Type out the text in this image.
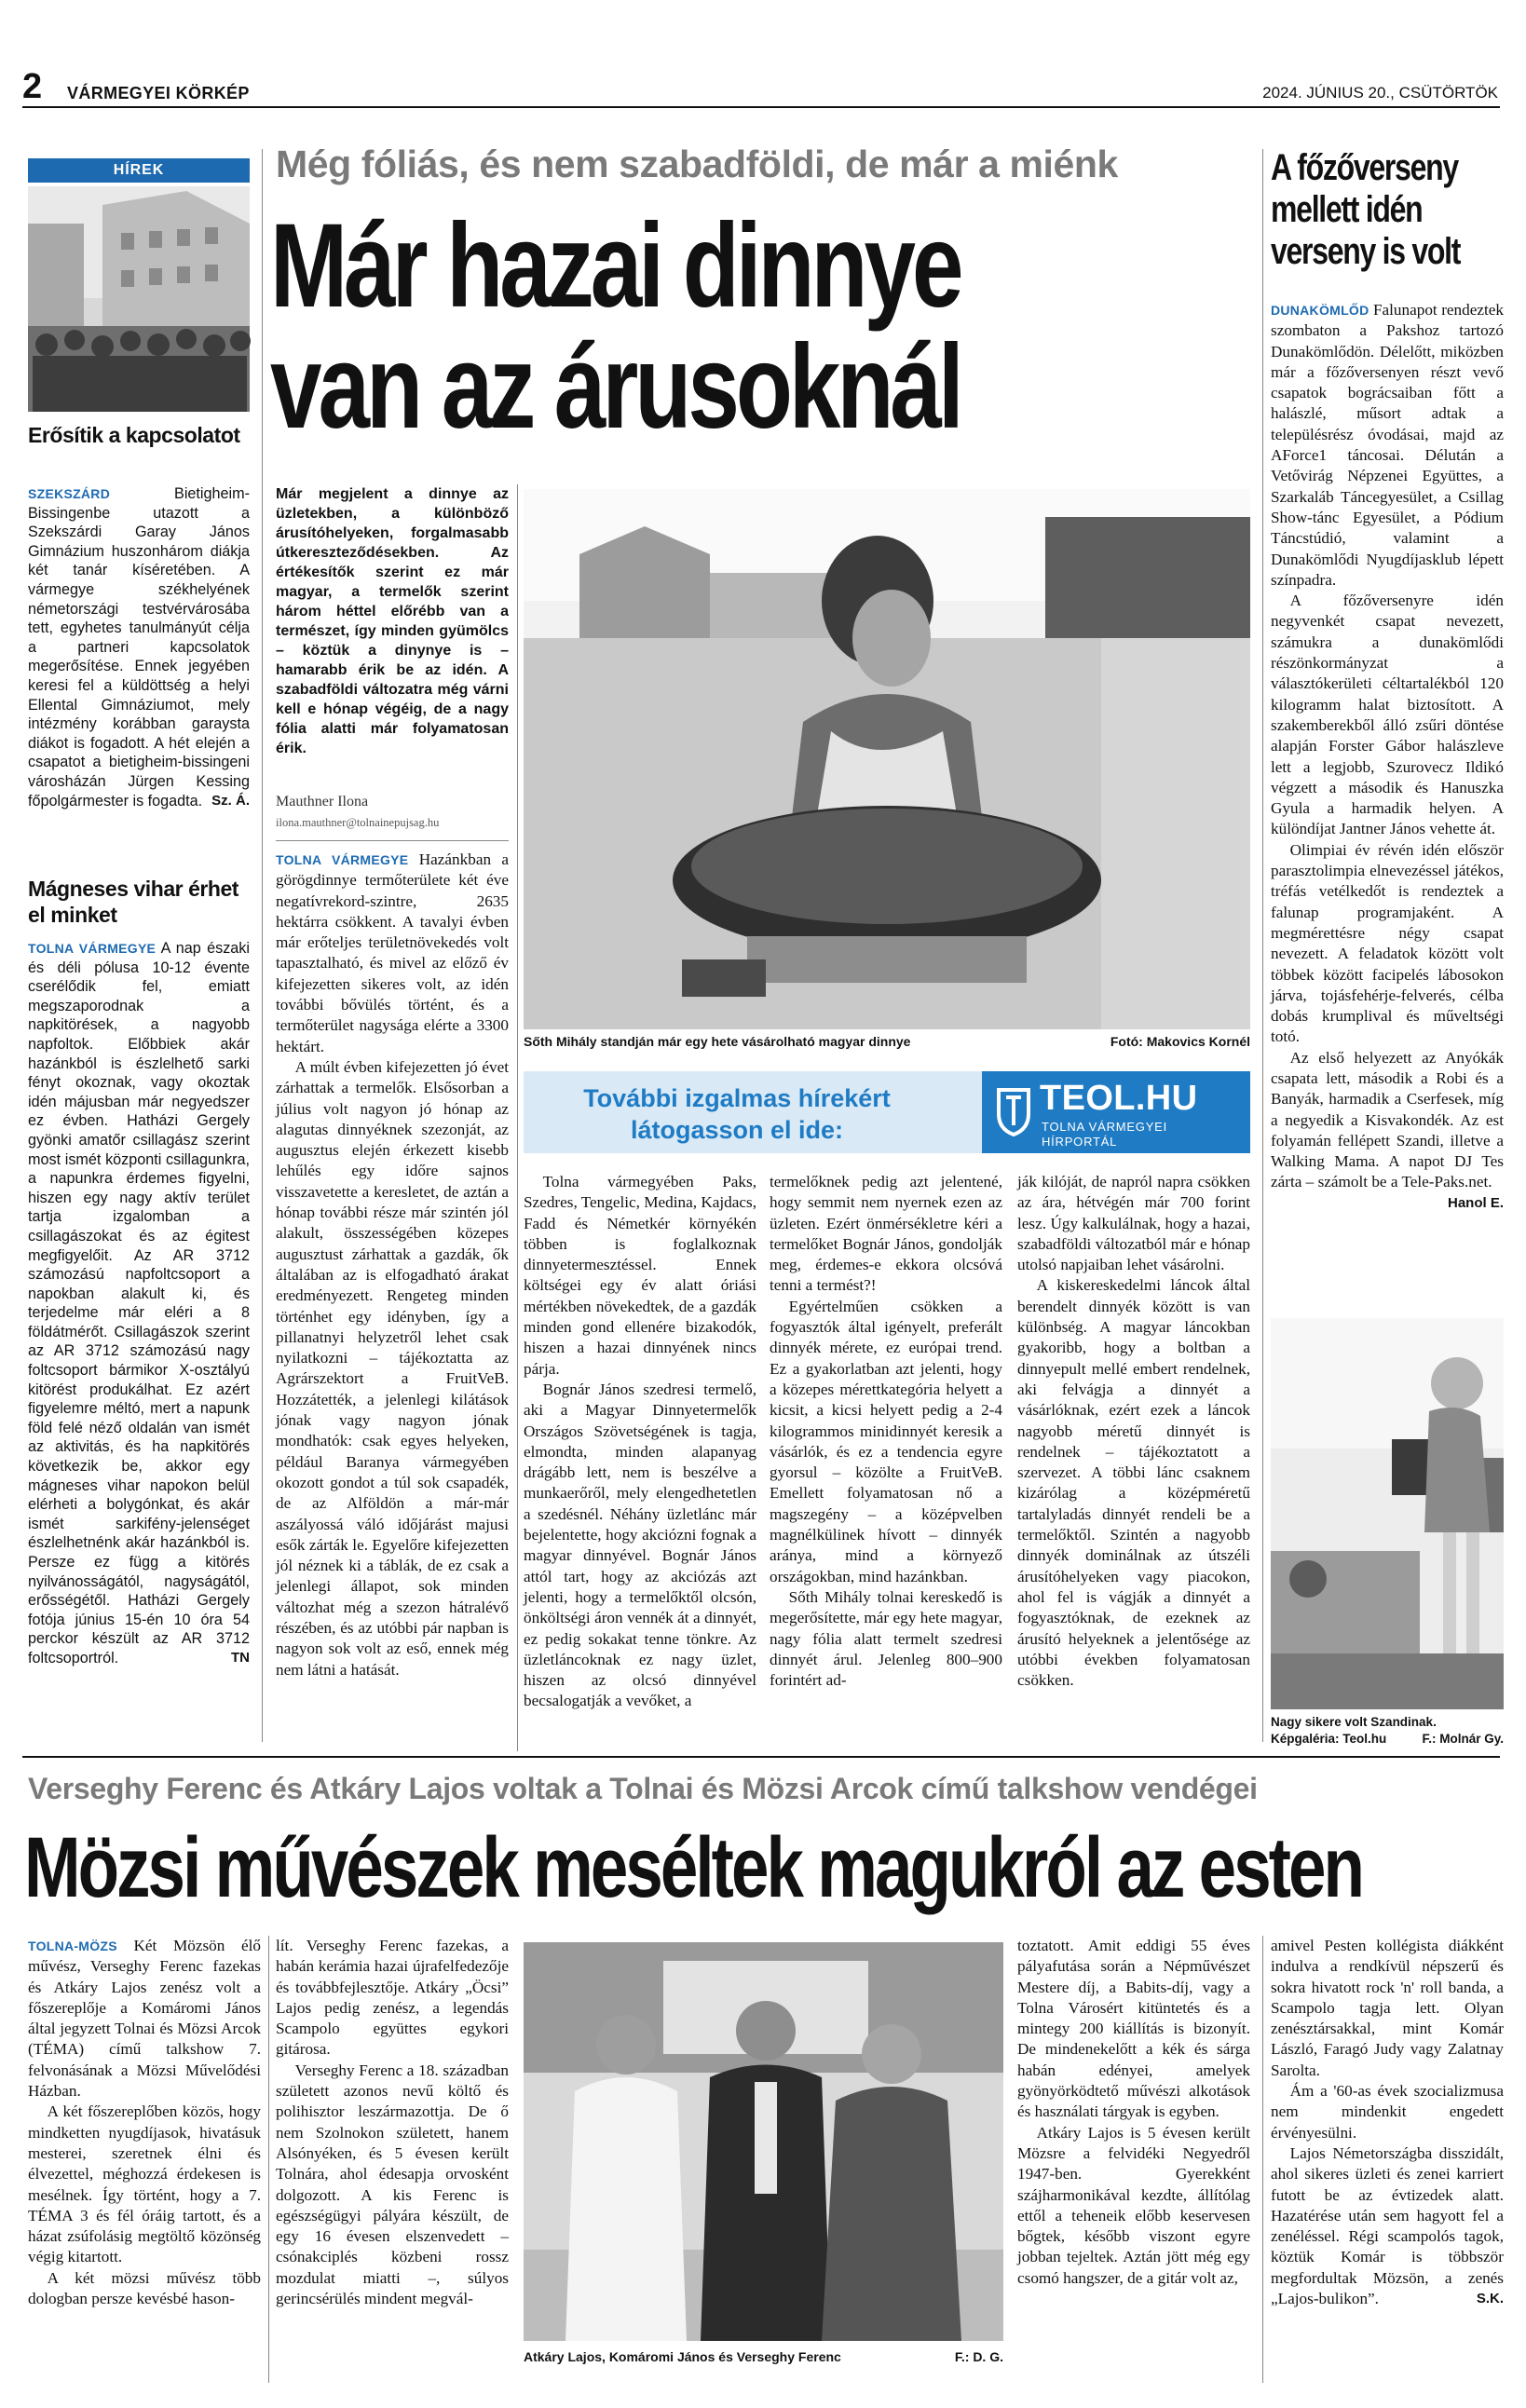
2 VÁRMEGYEI KÖRKÉP	2024. JÚNIUS 20., CSÜTÖRTÖK
HÍREK
Erősítik a kapcsolatot

SZEKSZÁRD	Bietigheim-Bissingenbe utazott a Szekszárdi Garay János Gimnázium huszonhárom diákja két tanár kíséretében. A vármegye székhelyének németországi testvérvárosába tett, egyhetes tanulmányút célja a partneri kapcsolatok megerősítése. Ennek jegyében keresi fel a küldöttség a helyi Ellental Gimnáziumot, mely intézmény korábban garaysta diákot is fogadott. A hét elején a csapatot a bietigheim-bissingeni városházán Jürgen Kessing főpolgármester is fogadta. Sz. Á.

Mágneses vihar érhet el minket

TOLNA VÁRMEGYE A nap északi és déli pólusa 10-12 évente cserélődik fel, emiatt megszaporodnak a napkitörések, a nagyobb napfoltok. Előbbiek akár hazánkból is észlelhető sarki fényt okoznak, vagy okoztak idén májusban már negyedszer ez évben. Hatházi Gergely gyönki amatőr csillagász szerint most ismét központi csillagunkra, a napunkra érdemes figyelni, hiszen egy nagy aktív terület tartja izgalomban a csillagászokat és az égitest megfigyelőit. Az AR 3712 számozású napfoltcsoport a napokban alakult ki, és terjedelme már eléri a 8 földátmérőt. Csillagászok szerint az AR 3712 számozású nagy foltcsoport bármikor X-osztályú kitörést produkálhat. Ez azért figyelemre méltó, mert a napunk föld felé néző oldalán van ismét az aktivitás, és ha napkitörés következik be, akkor egy mágneses vihar napokon belül elérheti a bolygónkat, és akár ismét sarkifény-jelenséget észlelhetnénk akár hazánkból is. Persze ez függ a kitörés nyilvánosságától, nagyságától, erősségétől. Hatházi Gergely fotója június 15-én 10 óra 54 perckor készült az AR 3712 foltcsoportról.	TN

Még fóliás, és nem szabadföldi, de már a miénk
Már hazai dinnye
van az árusoknál
Már megjelent a dinnye az üzletekben, a különböző árusítóhelyeken, forgalmasabb útkereszteződésekben. Az értékesítők szerint ez már magyar, a termelők szerint három héttel előrébb van a természet, így minden gyümölcs – köztük a dinynye is – hamarabb érik be az idén. A szabadföldi változatra még várni kell e hónap végéig, de a nagy fólia alatti már folyamatosan érik.
Mauthner Ilona
ilona.mauthner@tolnainepujsag.hu

TOLNA VÁRMEGYE Hazánkban a görögdinnye termőterülete két éve negatívrekord-szintre, 2635 hektárra csökkent. A tavalyi évben már erőteljes területnövekedés volt tapasztalható, és mivel az előző év kifejezetten sikeres volt, az idén további bővülés történt, és a termőterület nagysága elérte a 3300 hektárt.

A múlt évben kifejezetten jó évet zárhattak a termelők. Elsősorban a július volt nagyon jó hónap az alagutas dinnyéknek szezonját, az augusztus elején érkezett kisebb lehűlés egy időre sajnos visszavetette a keresletet, de aztán a hónap további része már szintén jól alakult, összességében közepes augusztust zárhattak a gazdák, ők általában az is elfogadható árakat eredményezett. Rengeteg minden történhet egy idényben, így a pillanatnyi helyzetről lehet csak nyilatkozni – tájékoztatta az Agrárszektort a FruitVeB. Hozzátették, a jelenlegi kilátások jónak vagy nagyon jónak mondhatók: csak egyes helyeken, például Baranya vármegyében okozott gondot a túl sok csapadék, de az Alföldön a már-már aszályossá váló időjárást majusi esők zárták le. Egyelőre kifejezetten jól néznek ki a táblák, de ez csak a jelenlegi állapot, sok minden változhat még a szezon hátralévő részében, és az utóbbi pár napban is nagyon sok volt az eső, ennek még nem látni a hatását.

Sőth Mihály standján már egy hete vásárolható magyar dinnye	Fotó: Makovics Kornél
További izgalmas hírekért
látogasson el ide:
TEOL.HU
TOLNA VÁRMEGYEI
HÍRPORTÁL

Tolna vármegyében Paks, Szedres, Tengelic, Medina, Kajdacs, Fadd és Németkér környékén többen is foglalkoznak dinnyetermesztéssel. Ennek költségei egy év alatt óriási mértékben növekedtek, de a gazdák minden gond ellenére bizakodók, hiszen a hazai dinnyének nincs párja.

Bognár János szedresi termelő, aki a Magyar Dinnyetermelők Országos Szövetségének is tagja, elmondta, minden alapanyag drágább lett, nem is beszélve a munkaerőről, mely elengedhetetlen a szedésnél. Néhány üzletlánc már bejelentette, hogy akciózni fognak a magyar dinnyével. Bognár János attól tart, hogy az akciózás azt jelenti, hogy a termelőktől olcsón, önköltségi áron vennék át a dinnyét, ez pedig sokakat tenne tönkre. Az üzletláncoknak ez nagy üzlet, hiszen az olcsó dinnyével becsalogatják a vevőket, a

termelőknek pedig azt jelentené, hogy semmit nem nyernek ezen az üzleten. Ezért önmérsékletre kéri a termelőket Bognár János, gondolják meg, érdemes-e ekkora olcsóvá tenni a termést?!

Egyértelműen csökken a fogyasztók által igényelt, preferált dinnyék mérete, ez európai trend. Ez a gyakorlatban azt jelenti, hogy a közepes mérettkategória helyett a kicsit, a kicsi helyett pedig a 2-4 kilogrammos minidinnyét keresik a vásárlók, és ez a tendencia egyre gyorsul – közölte a FruitVeB. Emellett folyamatosan nő a magszegény – a középvelben magnélkülinek hívott – dinnyék aránya, mind a környező országokban, mind hazánkban.

Sőth Mihály tolnai kereskedő is megerősítette, már egy hete magyar, nagy fólia alatt termelt szedresi dinnyét árul. Jelenleg 800–900 forintért ad-

ják kilóját, de napról napra csökken az ára, hétvégén már 700 forint lesz. Úgy kalkulálnak, hogy a hazai, szabadföldi változatból már e hónap utolsó napjaiban lehet vásárolni.

A kiskereskedelmi láncok által berendelt dinnyék között is van különbség. A magyar láncokban gyakoribb, hogy a boltban a dinnyepult mellé embert rendelnek, aki felvágja a dinnyét a vásárlóknak, ezért ezek a láncok nagyobb méretű dinnyét is rendelnek – tájékoztatott a szervezet. A többi lánc csaknem kizárólag a középméretű tartalyladás dinnyét rendeli be a termelőktől. Szintén a nagyobb dinnyék dominálnak az útszéli árusítóhelyeken vagy piacokon, ahol fel is vágják a dinnyét a fogyasztóknak, de ezeknek az árusító helyeknek a jelentősége az utóbbi években folyamatosan csökken.

A főzőverseny mellett idén verseny is volt

DUNAKÖMLŐD Falunapot rendeztek szombaton a Pakshoz tartozó Dunakömlődön. Délelőtt, miközben már a főzőversenyen részt vevő csapatok bográcsaiban főtt a halászlé, műsort adtak a településrész óvodásai, majd az AForce1 táncosai. Délután a Vetővirág Népzenei Együttes, a Szarkaláb Táncegyesület, a Csillag Show-tánc Egyesület, a Pódium Táncstúdió, valamint a Dunakömlődi Nyugdíjasklub lépett színpadra.

A főzőversenyre idén negyvenkét csapat nevezett, számukra a dunakömlődi részönkormányzat a választókerületi céltartalékból 120 kilogramm halat biztosított. A szakemberekből álló zsűri döntése alapján Forster Gábor halászleve lett a legjobb, Szurovecz Ildikó végzett a második és Hanuszka Gyula a harmadik helyen. A különdíjat Jantner János vehette át.

Olimpiai év révén idén először parasztolimpia elnevezéssel játékos, tréfás vetélkedőt is rendeztek a falunap programjaként. A megmérettésre négy csapat nevezett. A feladatok között volt többek között facipelés lábosokon járva, tojásfehérje-felverés, célba dobás krumplival és műveltségi totó.

Az első helyezett az Anyókák csapata lett, második a Robi és a Banyák, harmadik a Cserfesek, míg a negyedik a Kisvakondék. Az est folyamán fellépett Szandi, illetve a Walking Mama. A napot DJ Tes zárta – számolt be a Tele-Paks.net.

Hanol E.

Nagy sikere volt Szandinak. Képgaléria: Teol.hu	F.: Molnár Gy.
Verseghy Ferenc és Atkáry Lajos voltak a Tolnai és Mözsi Arcok című talkshow vendégei
Mözsi művészek meséltek magukról az esten

TOLNA-MÖZS Két Mözsön élő művész, Verseghy Ferenc fazekas és Atkáry Lajos zenész volt a főszereplője a Komáromi János által jegyzett Tolnai és Mözsi Arcok (TÉMA) című talkshow 7. felvonásának a Mözsi Művelődési Házban.

A két főszereplőben közös, hogy mindketten nyugdíjasok, hivatásuk mesterei, szeretnek élni és élvezettel, méghozzá érdekesen is mesélnek. Így történt, hogy a 7. TÉMA 3 és fél óráig tartott, és a házat zsúfolásig megtöltő közönség végig kitartott.

A két mözsi művész több dologban persze kevésbé hason-

lít. Verseghy Ferenc fazekas, a habán kerámia hazai újrafelfedezője és továbbfejlesztője. Atkáry „Öcsi” Lajos pedig zenész, a legendás Scampolo együttes egykori gitárosa.

Verseghy Ferenc a 18. században született azonos nevű költő és polihisztor leszármazottja. De ő nem Szolnokon született, hanem Alsónyéken, és 5 évesen került Tolnára, ahol édesapja orvosként dolgozott. A kis Ferenc is egészségügyi pályára készült, de egy 16 évesen elszenvedett – csónakciplés közbeni rossz mozdulat miatti –, súlyos gerincsérülés mindent megvál-

Atkáry Lajos, Komáromi János és Verseghy Ferenc	F.: D. G.

toztatott. Amit eddigi 55 éves pályafutása során a Népművészet Mestere díj, a Babits-díj, vagy a Tolna Városért kitüntetés és a mintegy 200 kiállítás is bizonyít. De mindenekelőtt a kék és sárga habán edényei, amelyek gyönyörködtető művészi alkotások és használati tárgyak is egyben.

Atkáry Lajos is 5 évesen került Mözsre a felvidéki Negyedről 1947-ben. Gyerekként szájharmonikával kezdte, állítólag ettől a teheneik előbb keservesen bőgtek, később viszont egyre jobban tejeltek. Aztán jött még egy csomó hangszer, de a gitár volt az,

amivel Pesten kollégista diákként indulva a rendkívül népszerű és sokra hivatott rock 'n' roll banda, a Scampolo tagja lett. Olyan zenésztársakkal, mint Komár László, Faragó Judy vagy Zalatnay Sarolta.

Ám a '60-as évek szocializmusa nem mindenkit engedett érvényesülni.

Lajos Németországba disszidált, ahol sikeres üzleti és zenei karriert futott be az évtizedek alatt. Hazatérése után sem hagyott fel a zenéléssel. Régi scampolós tagok, köztük Komár is többször megfordultak Mözsön, a zenés „Lajos-bulikon”.	S.K.
